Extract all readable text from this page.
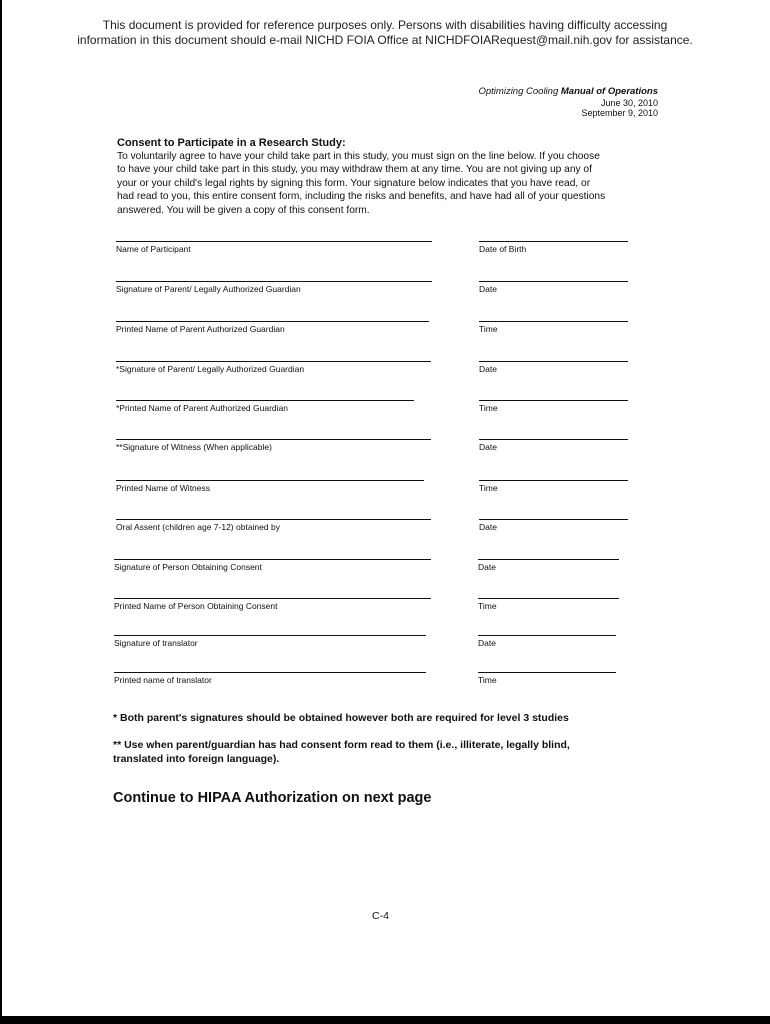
This document is provided for reference purposes only. Persons with disabilities having difficulty accessing
information in this document should e-mail NICHD FOIA Office at NICHDFOIARequest@mail.nih.gov for assistance.
Optimizing Cooling Manual of Operations
June 30, 2010
September 9, 2010
Consent to Participate in a Research Study:
To voluntarily agree to have your child take part in this study, you must sign on the line below. If you choose
to have your child take part in this study, you may withdraw them at any time. You are not giving up any of
your or your child's legal rights by signing this form. Your signature below indicates that you have read, or
had read to you, this entire consent form, including the risks and benefits, and have had all of your questions
answered. You will be given a copy of this consent form.
Name of Participant	Date of Birth
Signature of Parent/ Legally Authorized Guardian	Date
Printed Name of Parent Authorized Guardian	Time
*Signature of Parent/ Legally Authorized Guardian	Date
*Printed Name of Parent Authorized Guardian	Time
**Signature of Witness (When applicable)	Date
Printed Name of Witness	Time
Oral Assent (children age 7-12) obtained by	Date
Signature of Person Obtaining Consent	Date
Printed Name of Person Obtaining Consent	Time
Signature of translator	Date
Printed name of translator	Time
* Both parent's signatures should be obtained however both are required for level 3 studies
** Use when parent/guardian has had consent form read to them (i.e., illiterate, legally blind, translated into foreign language).
Continue to HIPAA Authorization on next page
C-4
